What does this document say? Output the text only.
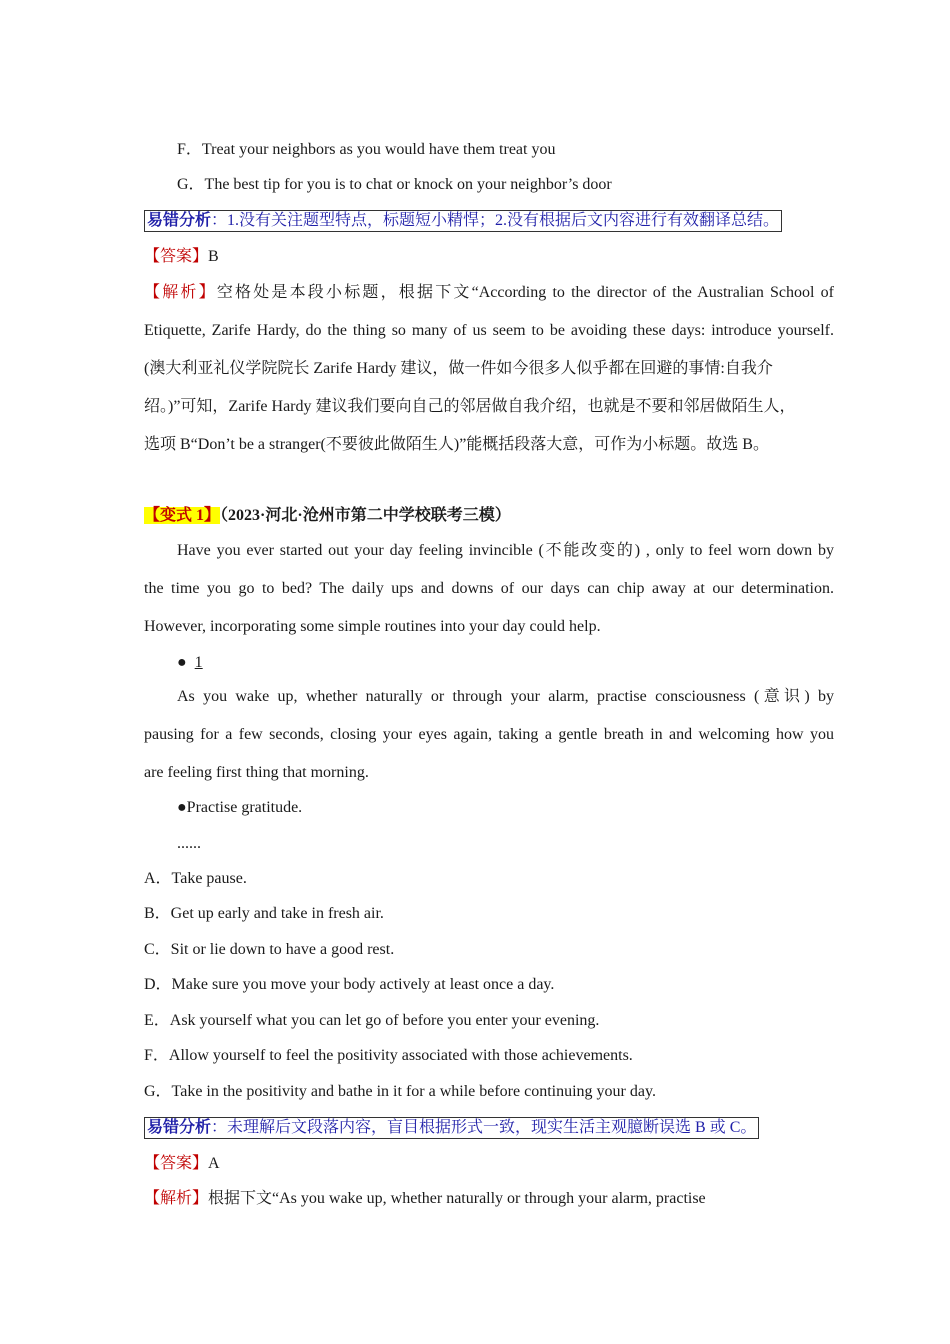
F．Treat your neighbors as you would have them treat you
G．The best tip for you is to chat or knock on your neighbor’s door
易错分析：1.没有关注题型特点，标题短小精悍；2.没有根据后文内容进行有效翻译总结。
【答案】B
【解析】空格处是本段小标题，根据下文“According to the director of the Australian School of
Etiquette, Zarife Hardy, do the thing so many of us seem to be avoiding these days: introduce yourself.
(澳大利亚礼仪学院院长 Zarife Hardy 建议，做一件如今很多人似乎都在回避的事情:自我介
绍。)”可知，Zarife Hardy 建议我们要向自己的邻居做自我介绍，也就是不要和邻居做陌生人，
选项 B“Don’t be a stranger(不要彼此做陌生人)”能概括段落大意，可作为小标题。故选 B。
【变式 1】（2023·河北·沧州市第二中学校联考三模）
Have you ever started out your day feeling invincible (不能改变的) , only to feel worn down by
the time you go to bed? The daily ups and downs of our days can chip away at our determination.
However, incorporating some simple routines into your day could help.
● 1
As you wake up, whether naturally or through your alarm, practise consciousness (意识) by
pausing for a few seconds, closing your eyes again, taking a gentle breath in and welcoming how you
are feeling first thing that morning.
●Practise gratitude.
......
A．Take pause.
B．Get up early and take in fresh air.
C．Sit or lie down to have a good rest.
D．Make sure you move your body actively at least once a day.
E．Ask yourself what you can let go of before you enter your evening.
F．Allow yourself to feel the positivity associated with those achievements.
G．Take in the positivity and bathe in it for a while before continuing your day.
易错分析：未理解后文段落内容，盲目根据形式一致，现实生活主观臆断误选 B 或 C。
【答案】A
【解析】根据下文“As you wake up, whether naturally or through your alarm, practise
